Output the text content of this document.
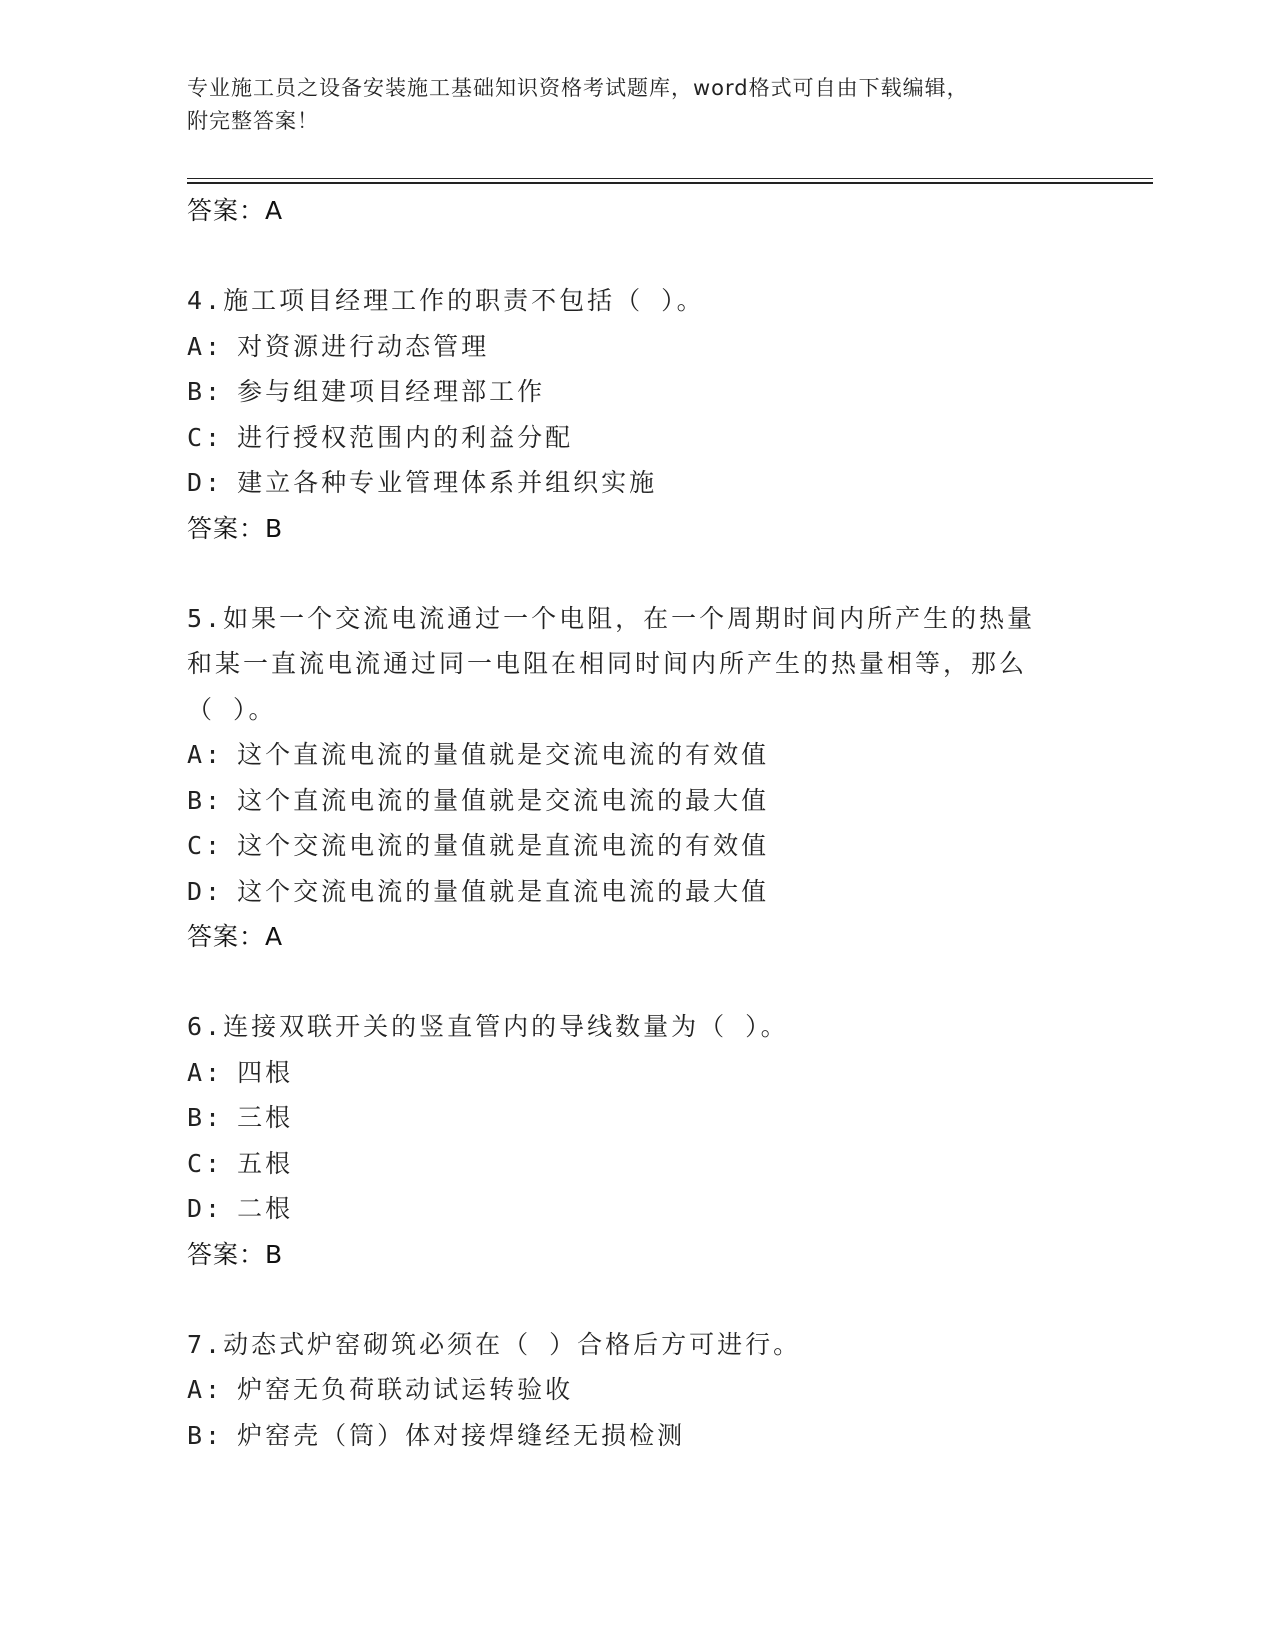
专业施工员之设备安装施工基础知识资格考试题库，word格式可自由下载编辑，
附完整答案！
答案：A
4.施工项目经理工作的职责不包括（ ）。
A: 对资源进行动态管理
B: 参与组建项目经理部工作
C: 进行授权范围内的利益分配
D: 建立各种专业管理体系并组织实施
答案：B
5.如果一个交流电流通过一个电阻，在一个周期时间内所产生的热量
和某一直流电流通过同一电阻在相同时间内所产生的热量相等，那么
（ ）。
A: 这个直流电流的量值就是交流电流的有效值
B: 这个直流电流的量值就是交流电流的最大值
C: 这个交流电流的量值就是直流电流的有效值
D: 这个交流电流的量值就是直流电流的最大值
答案：A
6.连接双联开关的竖直管内的导线数量为（ ）。
A: 四根
B: 三根
C: 五根
D: 二根
答案：B
7.动态式炉窑砌筑必须在（ ）合格后方可进行。
A: 炉窑无负荷联动试运转验收
B: 炉窑壳（筒）体对接焊缝经无损检测
